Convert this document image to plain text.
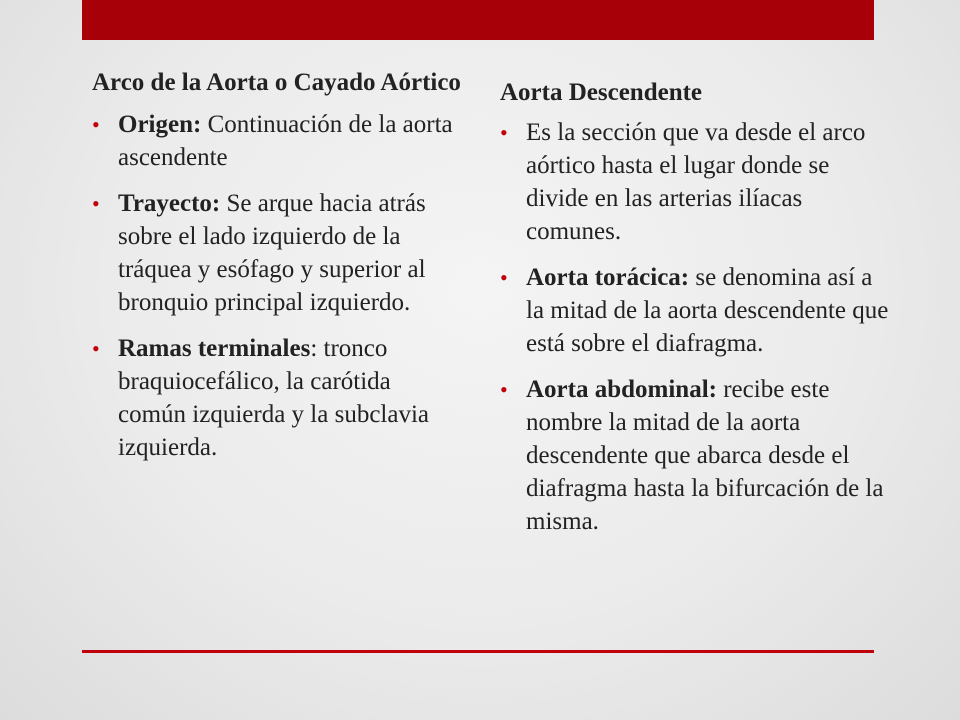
Arco de la Aorta o Cayado Aórtico
• Origen: Continuación de la aorta ascendente
• Trayecto: Se arque hacia atrás sobre el lado izquierdo de la tráquea y esófago y superior al bronquio principal izquierdo.
• Ramas terminales: tronco braquiocefálico, la carótida común izquierda y la subclavia izquierda.
Aorta Descendente
• Es la sección que va desde el arco aórtico hasta el lugar donde se divide en las arterias ilíacas comunes.
• Aorta torácica: se denomina así a la mitad de la aorta descendente que está sobre el diafragma.
• Aorta abdominal: recibe este nombre la mitad de la aorta descendente que abarca desde el diafragma hasta la bifurcación de la misma.
